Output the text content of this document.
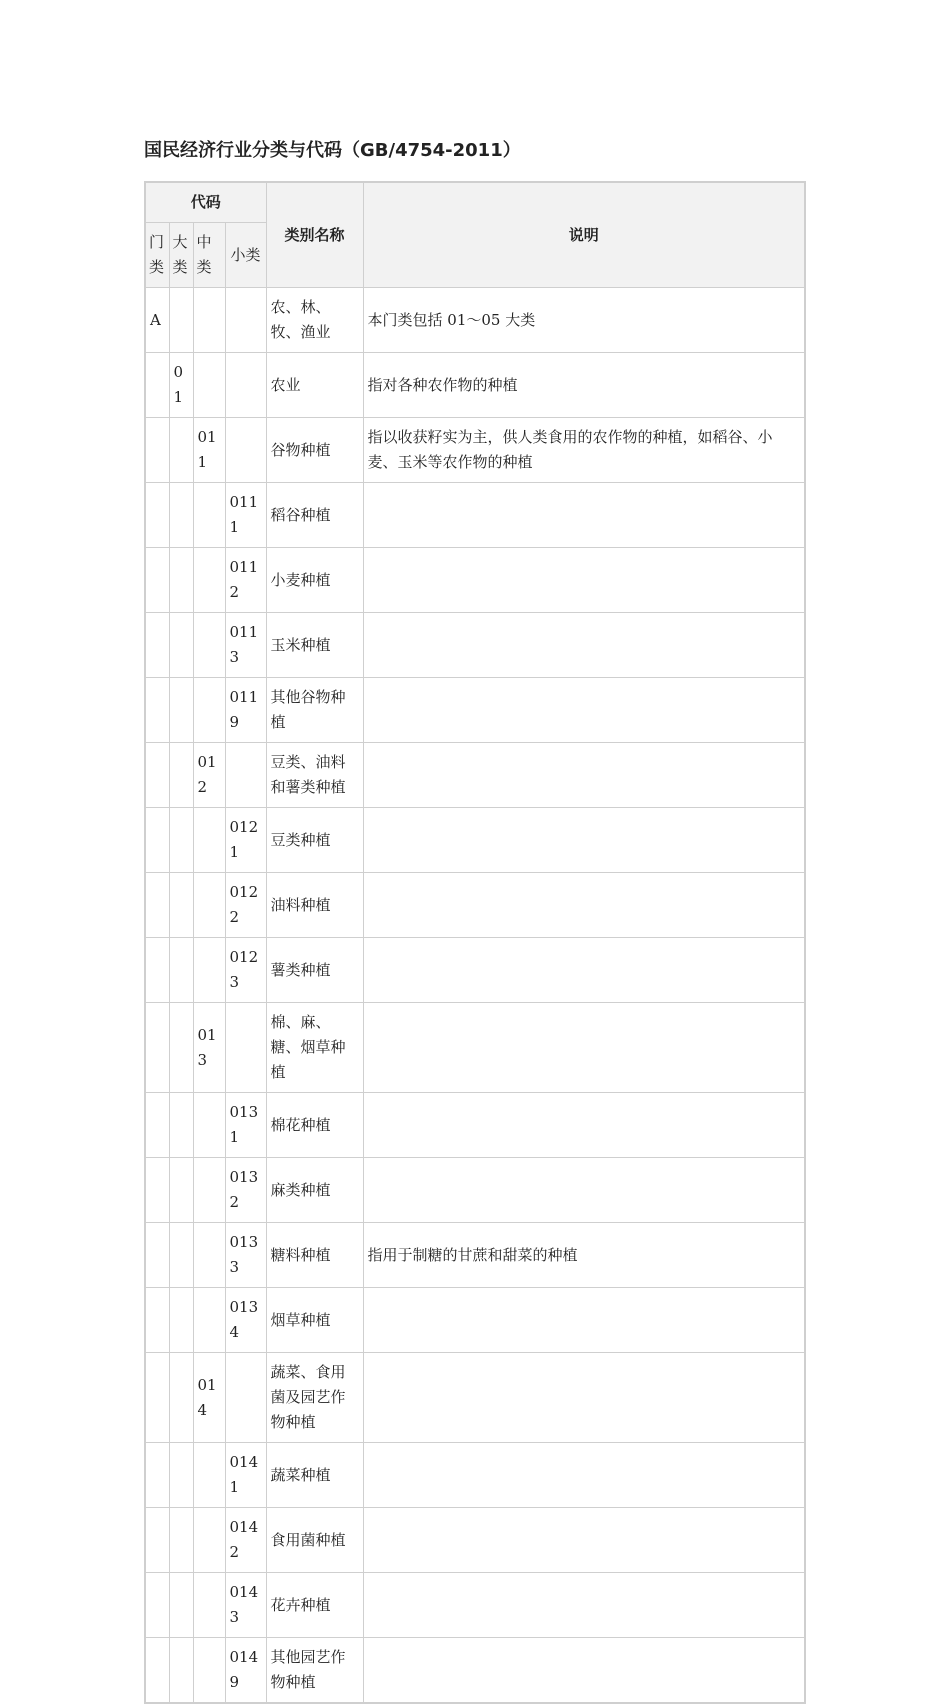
国民经济行业分类与代码（GB/4754-2011）
代码				类别名称	说明
门类	大类	中类	小类		
A				农、林、牧、渔业	本门类包括 01～05 大类
	01			农业	指对各种农作物的种植
		011		谷物种植	指以收获籽实为主，供人类食用的农作物的种植，如稻谷、小麦、玉米等农作物的种植
			0111	稻谷种植	
			0112	小麦种植	
			0113	玉米种植	
			0119	其他谷物种植	
		012		豆类、油料和薯类种植	
			0121	豆类种植	
			0122	油料种植	
			0123	薯类种植	
		013		棉、麻、糖、烟草种植	
			0131	棉花种植	
			0132	麻类种植	
			0133	糖料种植	指用于制糖的甘蔗和甜菜的种植
			0134	烟草种植	
		014		蔬菜、食用菌及园艺作物种植	
			0141	蔬菜种植	
			0142	食用菌种植	
			0143	花卉种植	
			0149	其他园艺作物种植	
